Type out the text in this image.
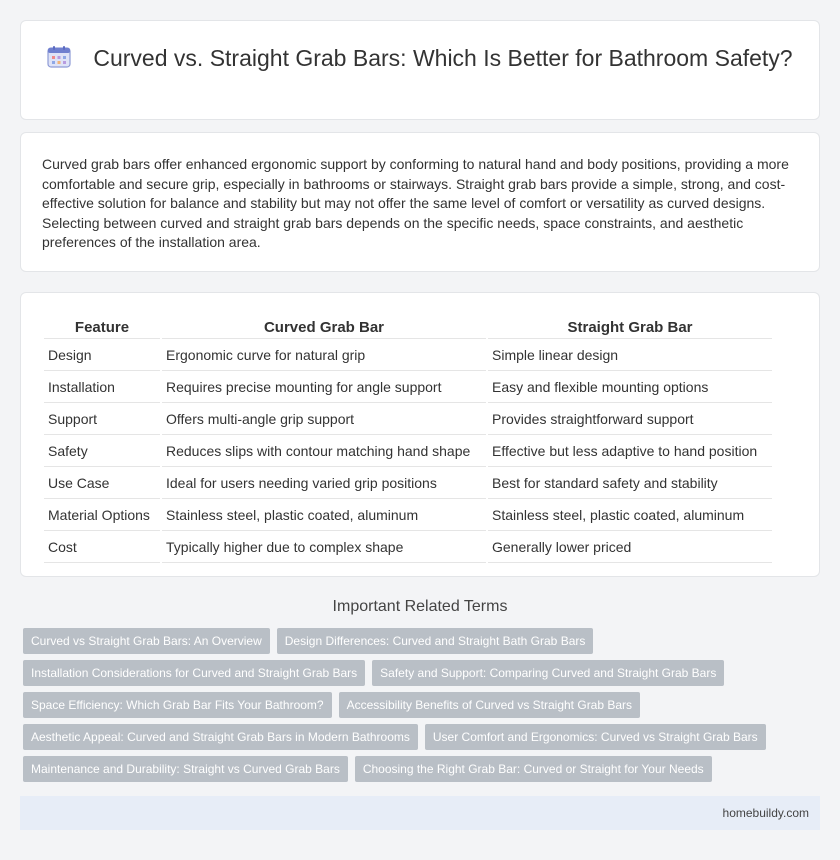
Curved vs. Straight Grab Bars: Which Is Better for Bathroom Safety?

Curved grab bars offer enhanced ergonomic support by conforming to natural hand and body positions, providing a more comfortable and secure grip, especially in bathrooms or stairways. Straight grab bars provide a simple, strong, and cost-effective solution for balance and stability but may not offer the same level of comfort or versatility as curved designs. Selecting between curved and straight grab bars depends on the specific needs, space constraints, and aesthetic preferences of the installation area.

Feature	Curved Grab Bar	Straight Grab Bar
Design	Ergonomic curve for natural grip	Simple linear design
Installation	Requires precise mounting for angle support	Easy and flexible mounting options
Support	Offers multi-angle grip support	Provides straightforward support
Safety	Reduces slips with contour matching hand shape	Effective but less adaptive to hand position
Use Case	Ideal for users needing varied grip positions	Best for standard safety and stability
Material Options	Stainless steel, plastic coated, aluminum	Stainless steel, plastic coated, aluminum
Cost	Typically higher due to complex shape	Generally lower priced
Important Related Terms
Curved vs Straight Grab Bars: An Overview	Design Differences: Curved and Straight Bath Grab Bars
Installation Considerations for Curved and Straight Grab Bars	Safety and Support: Comparing Curved and Straight Grab Bars
Space Efficiency: Which Grab Bar Fits Your Bathroom?	Accessibility Benefits of Curved vs Straight Grab Bars
Aesthetic Appeal: Curved and Straight Grab Bars in Modern Bathrooms	User Comfort and Ergonomics: Curved vs Straight Grab Bars
Maintenance and Durability: Straight vs Curved Grab Bars	Choosing the Right Grab Bar: Curved or Straight for Your Needs
homebuildy.com
